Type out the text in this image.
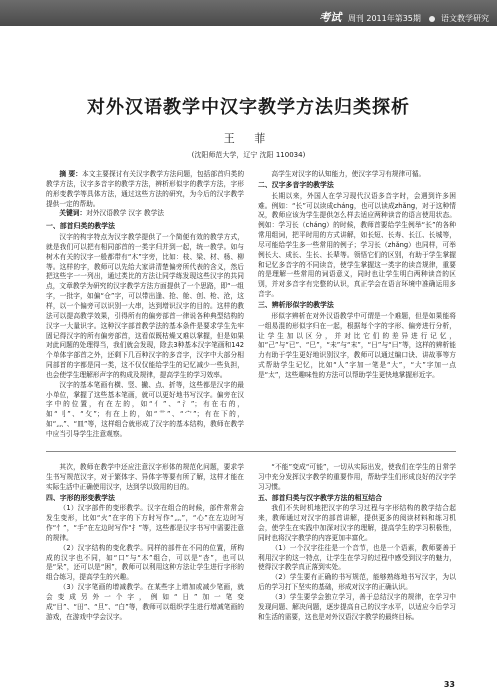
考试 周刊 2011年第35期	语文教学研究
对外汉语教学中汉字教学方法归类探析
王 菲
(沈阳师范大学，辽宁 沈阳 110034)

摘 要：本文主要探讨有关汉字教学方法问题，包括部首归类的教学方法，汉字多音字的教学方法，辨析形似字的教学方法，字形的形变教学等具体方法，通过这些方法的研究，为今后的汉字教学提供一定的帮助。

关键词：对外汉语教学 汉字 教学法

一、部首归类的教学法

汉字的构字特点为汉字教学提供了一个简便有效的教学方式，就是我们可以把有相同部首的一类字归并到一起，统一教学。如与树木有关的汉字一般都带有“木”字旁，比如：枝、梁、材、杨、柳等。这样的字，教师可以先给大家讲清楚偏旁所代表的含义，然后把这些字一一列出，通过类比的方法让同学练发现这些汉字的共同点，文章教学为研究的汉字教学方法方面提供了一个思路，即“一组字，一批字，如偏“仓”字，可以带出逢、抢、舱、创、枪、沧，这样，以一个偏旁可以识别一大串，达到增识汉字的目的。这样的教法可以提高教学效果，引得所有的偏旁部首一律说各种典型结构的汉字一大量识字。这种汉字部首教学法的基本条件是要求学生先牢固记得汉字的所有偏旁部首，这看似既枯燥又难以掌握，但是如果对此问题的处理得当，我们就会发现，除去3种基本汉字笔画和142个单体字部首之外，还剩下几百种汉字的多音字，汉字中大部分相同部首的字都是同一类，这不仅仅能给学生的记忆减少一些负担，也会使学生理解形声字的构成及规律，提高学生的学习效率。

汉字的基本笔画有横、竖、撇、点、折等，这些都是汉字的最小单位，掌握了这些基本笔画，就可以更好地书写汉字。偏旁在汉字中的位置，有在左的，如“亻”、“氵”；有在右的，如“刂”、“攵”；有在上的，如“艹”、“宀”；有在下的，如“灬”、“皿”等，这样组合就形成了汉字的基本结构，教师在教学中应当引导学生注意观察。

高学生对汉字的认知能力，使汉字学习有规律可循。

二、汉字多音字的教学法

长期以来，外国人在学习现代汉语多音字时，会遇到许多困难。例如：“长”可以读成cháng，也可以读成zhǎng，对于这种情况，教师应该为学生提供怎么样去适应两种读音的语言使用状态。例如：学习长（cháng）的时候，教师首要给学生例举“长”的各种常用组词，把平时用的方式讲解，如长短、长寿、长江、长城等，尽可能给学生多一些常用的例子；学习长（zhǎng）也同样，可举例长大、成长、生长、长辈等。领悟它们的区别，有助于学生掌握和记忆多音字的不同读音，使学生掌握这一类字的读音规律，重要的是理解一些常用的词语意义，同时也让学生明白两种读音的区别，并对多音字有完整的认识，真正学会在语言环境中准确运用多音字。

三、辨析形似字的教学法

形似字辨析在对外汉语教学中可谓是一个难题，但是如果能将一组易混的形似字归在一起，根据每个字的字形、偏旁进行分析，让学生加以区分，并对比它们的差异进行记忆，如“己”与“已”、“巳”，“未”与“末”，“日”与“曰”等，这样的辨析能力有助于学生更好地识别汉字，教师可以通过编口诀、讲故事等方式帮助学生记忆，比如“人”字加一笔是“大”，“大”字加一点是“太”，这些趣味性的方法可以帮助学生更快地掌握形近字。

其次，教师在教学中还应注意汉字形体的规范化问题，要求学生书写规范汉字，对于繁体字、异体字等要有所了解，这样才能在实际生活中正确使用汉字，达到学以致用的目的。

四、字形的形变教学法

（1）汉字部件的变形教学。汉字在组合的时候，部件常常会发生变形，比如“火”在字的下方时写作“灬”，“心”在左边时写作“忄”，“手”在左边时写作“扌”等，这些都是汉字书写中需要注意的规律。

（2）汉字结构的变化教学。同样的部件在不同的位置，所构成的汉字也不同，如“口”与“木”组合，可以是“杏”，也可以是“呆”，还可以是“困”，教师可以利用这种方法让学生进行字形的组合练习，提高学生的兴趣。

（3）汉字笔画的增减教学。在某些字上增加或减少笔画，就会变成另外一个字，例如“日”加一笔变成“目”、“田”、“旦”、“白”等，教师可以组织学生进行增减笔画的游戏，在游戏中学会汉字。

“不能”变成“可能”，一切从实际出发，使我们在学生的日常学习中充分发挥汉字教学的重要作用，帮助学生们形成良好的汉字学习习惯。

五、部首归类与汉字教学方法的相互结合

我们不失时机地把汉字的学习过程与字形结构的教学结合起来，教师通过对汉字的部首讲解，提供更多的阅读材料和练习机会，使学生在实践中加深对汉字的理解，提高学生的学习积极性，同时也将汉字教学的内容更加丰富化。

（1）一个汉字往往是一个音节，也是一个语素，教师要善于利用汉字的这一特点，让学生在学习的过程中感受到汉字的魅力，使得汉字教学真正落到实处。

（2）学生要有正确的书写规范，能够熟练地书写汉字，为以后的学习打下坚实的基础，形成对汉字的正确认识。

（3）学生要学会独立学习，善于总结汉字的规律，在学习中发现问题、解决问题，逐步提高自己的汉字水平，以适应今后学习和生活的需要，这也是对外汉语汉字教学的最终目标。

33
